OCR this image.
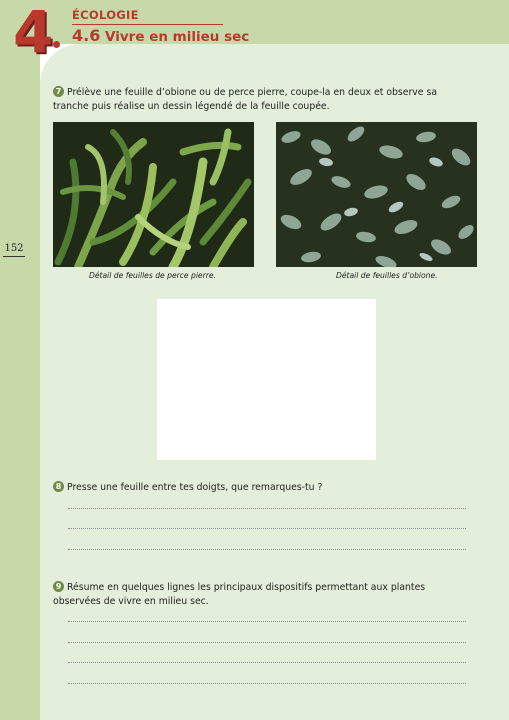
4 ÉCOLOGIE
4.6 Vivre en milieu sec
152
7 Prélève une feuille d’obione ou de perce pierre, coupe-la en deux et observe sa tranche puis réalise un dessin légendé de la feuille coupée.
Détail de feuilles de perce pierre.	Détail de feuilles d’obione.
8 Presse une feuille entre tes doigts, que remarques-tu ?
9 Résume en quelques lignes les principaux dispositifs permettant aux plantes observées de vivre en milieu sec.
